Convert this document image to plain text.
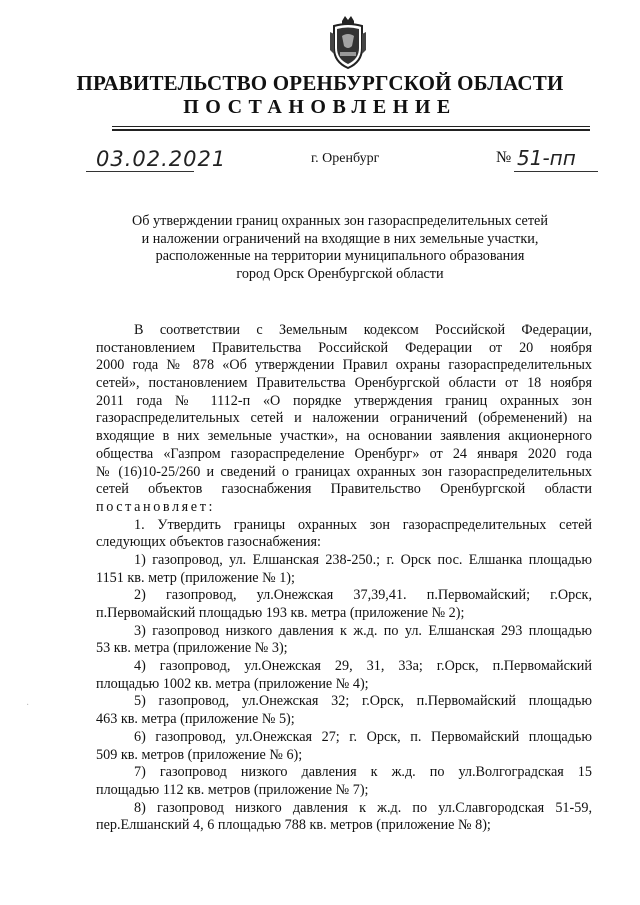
ПРАВИТЕЛЬСТВО ОРЕНБУРГСКОЙ ОБЛАСТИ
ПОСТАНОВЛЕНИЕ
03.02.2021	г. Оренбург	№ 51-пп
Об утверждении границ охранных зон газораспределительных сетей
и наложении ограничений на входящие в них земельные участки,
расположенные на территории муниципального образования
город Орск Оренбургской области
В соответствии с Земельным кодексом Российской Федерации,
постановлением Правительства Российской Федерации от 20 ноября
2000 года № 878 «Об утверждении Правил охраны газораспределительных
сетей», постановлением Правительства Оренбургской области от 18 ноября
2011 года № 1112-п «О порядке утверждения границ охранных зон
газораспределительных сетей и наложении ограничений (обременений) на
входящие в них земельные участки», на основании заявления акционерного
общества «Газпром газораспределение Оренбург» от 24 января 2020 года
№ (16)10-25/260 и сведений о границах охранных зон газораспределительных
сетей объектов газоснабжения Правительство Оренбургской области
постановляет:
1. Утвердить границы охранных зон газораспределительных сетей
следующих объектов газоснабжения:
1) газопровод, ул. Елшанская 238-250.; г. Орск пос. Елшанка площадью
1151 кв. метр (приложение № 1);
2) газопровод, ул.Онежская 37,39,41. п.Первомайский; г.Орск,
п.Первомайский площадью 193 кв. метра (приложение № 2);
3) газопровод низкого давления к ж.д. по ул. Елшанская 293 площадью
53 кв. метра (приложение № 3);
4) газопровод, ул.Онежская 29, 31, 33а; г.Орск, п.Первомайский
площадью 1002 кв. метра (приложение № 4);
5) газопровод, ул.Онежская 32; г.Орск, п.Первомайский площадью
463 кв. метра (приложение № 5);
6) газопровод, ул.Онежская 27; г. Орск, п. Первомайский площадью
509 кв. метров (приложение № 6);
7) газопровод низкого давления к ж.д. по ул.Волгоградская 15
площадью 112 кв. метров (приложение № 7);
8) газопровод низкого давления к ж.д. по ул.Славгородская 51-59,
пер.Елшанский 4, 6 площадью 788 кв. метров (приложение № 8);
·
